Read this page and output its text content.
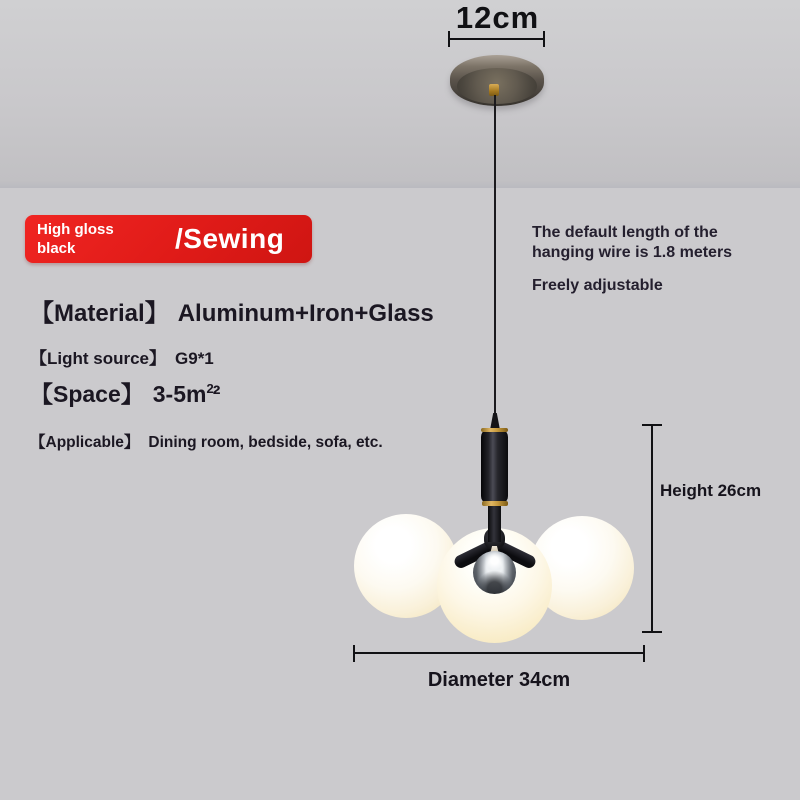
12cm
High gloss
black	/Sewing
【Material】 Aluminum+Iron+Glass
【Light source】 G9*1
【Space】 $3-5m^2^2$
【Applicable】 Dining room, bedside, sofa, etc.
The default length of the
hanging wire is 1.8 meters
Freely adjustable
Height 26cm
Diameter 34cm
